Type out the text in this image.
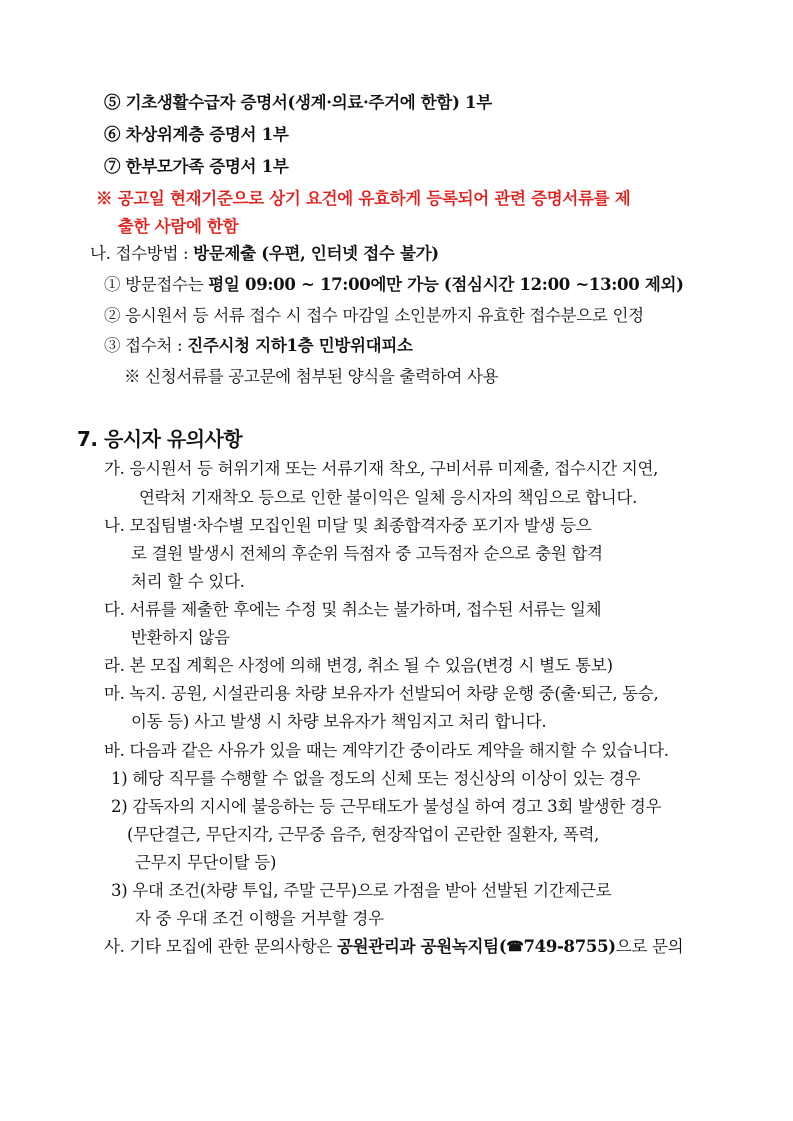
⑤ 기초생활수급자 증명서(생계·의료·주거에 한함) 1부
⑥ 차상위계층 증명서 1부
⑦ 한부모가족 증명서 1부
※ 공고일 현재기준으로 상기 요건에 유효하게 등록되어 관련 증명서류를 제
출한 사람에 한함
나. 접수방법 : 방문제출 (우편, 인터넷 접수 불가)
① 방문접수는 평일 09:00 ~ 17:00에만 가능 (점심시간 12:00 ~13:00 제외)
② 응시원서 등 서류 접수 시 접수 마감일 소인분까지 유효한 접수분으로 인정
③ 접수처 : 진주시청 지하1층 민방위대피소
※ 신청서류를 공고문에 첨부된 양식을 출력하여 사용
7. 응시자 유의사항
가. 응시원서 등 허위기재 또는 서류기재 착오, 구비서류 미제출, 접수시간 지연,
연락처 기재착오 등으로 인한 불이익은 일체 응시자의 책임으로 합니다.
나. 모집팀별·차수별 모집인원 미달 및 최종합격자중 포기자 발생 등으
로 결원 발생시 전체의 후순위 득점자 중 고득점자 순으로 충원 합격
처리 할 수 있다.
다. 서류를 제출한 후에는 수정 및 취소는 불가하며, 접수된 서류는 일체
반환하지 않음
라. 본 모집 계획은 사정에 의해 변경, 취소 될 수 있음(변경 시 별도 통보)
마. 녹지. 공원, 시설관리용 차량 보유자가 선발되어 차량 운행 중(출·퇴근, 동승,
이동 등) 사고 발생 시 차량 보유자가 책임지고 처리 합니다.
바. 다음과 같은 사유가 있을 때는 계약기간 중이라도 계약을 해지할 수 있습니다.
1) 헤당 직무를 수행할 수 없을 정도의 신체 또는 정신상의 이상이 있는 경우
2) 감독자의 지시에 불응하는 등 근무태도가 불성실 하여 경고 3회 발생한 경우
(무단결근, 무단지각, 근무중 음주, 현장작업이 곤란한 질환자, 폭력,
근무지 무단이탈 등)
3) 우대 조건(차량 투입, 주말 근무)으로 가점을 받아 선발된 기간제근로
자 중 우대 조건 이행을 거부할 경우
사. 기타 모집에 관한 문의사항은 공원관리과 공원녹지팀(☎749-8755)으로 문의
